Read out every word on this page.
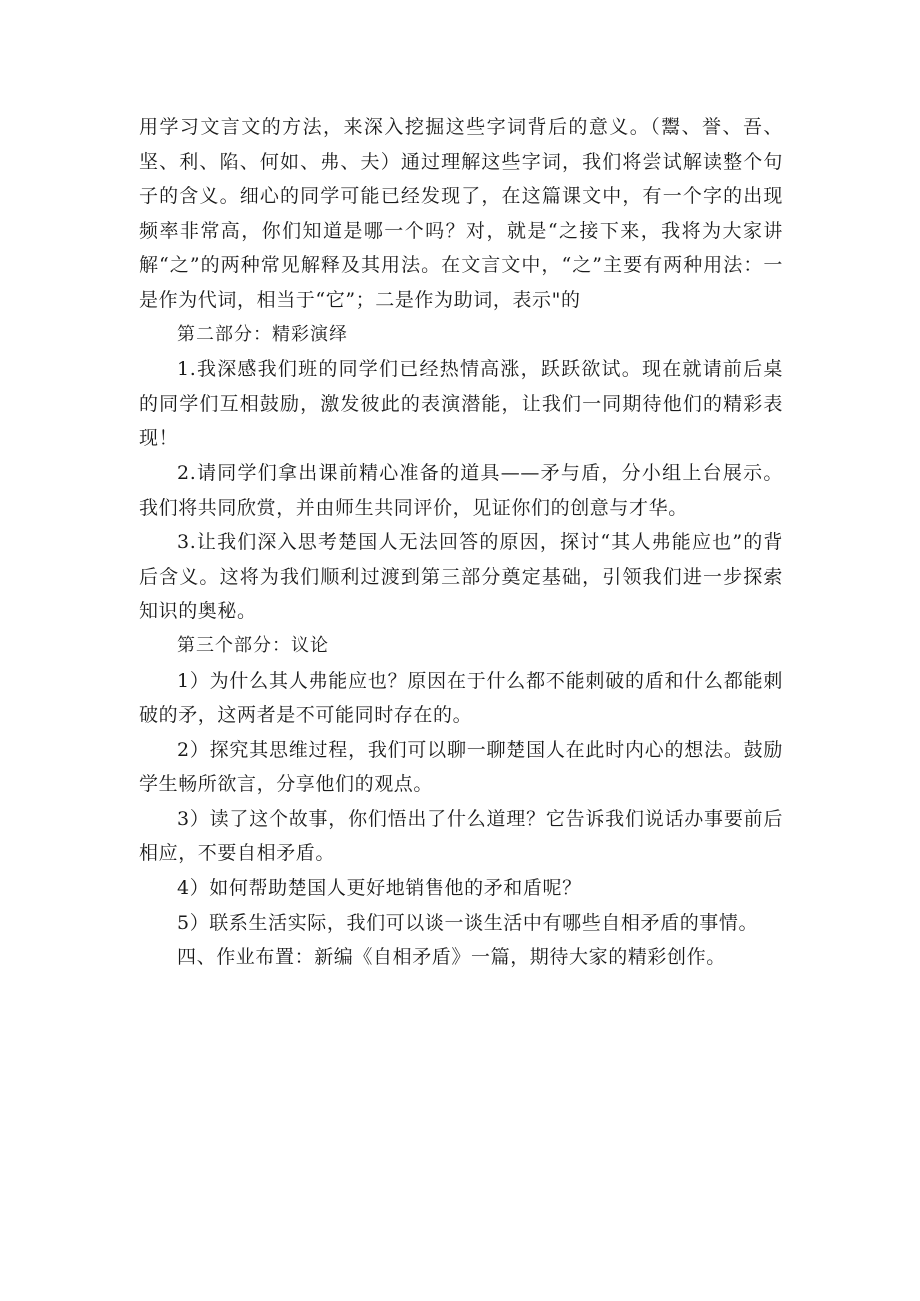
用学习文言文的方法，来深入挖掘这些字词背后的意义。（鬻、誉、吾、坚、利、陷、何如、弗、夫）通过理解这些字词，我们将尝试解读整个句子的含义。细心的同学可能已经发现了，在这篇课文中，有一个字的出现频率非常高，你们知道是哪一个吗？对，就是“之接下来，我将为大家讲解“之”的两种常见解释及其用法。在文言文中，“之”主要有两种用法：一是作为代词，相当于“它”；二是作为助词，表示"的

第二部分：精彩演绎

1.我深感我们班的同学们已经热情高涨，跃跃欲试。现在就请前后桌的同学们互相鼓励，激发彼此的表演潜能，让我们一同期待他们的精彩表现！

2.请同学们拿出课前精心准备的道具——矛与盾，分小组上台展示。我们将共同欣赏，并由师生共同评价，见证你们的创意与才华。

3.让我们深入思考楚国人无法回答的原因，探讨“其人弗能应也”的背后含义。这将为我们顺利过渡到第三部分奠定基础，引领我们进一步探索知识的奥秘。

第三个部分：议论

1）为什么其人弗能应也？原因在于什么都不能刺破的盾和什么都能刺破的矛，这两者是不可能同时存在的。

2）探究其思维过程，我们可以聊一聊楚国人在此时内心的想法。鼓励学生畅所欲言，分享他们的观点。

3）读了这个故事，你们悟出了什么道理？它告诉我们说话办事要前后相应，不要自相矛盾。

4）如何帮助楚国人更好地销售他的矛和盾呢？

5）联系生活实际，我们可以谈一谈生活中有哪些自相矛盾的事情。

四、作业布置：新编《自相矛盾》一篇，期待大家的精彩创作。
